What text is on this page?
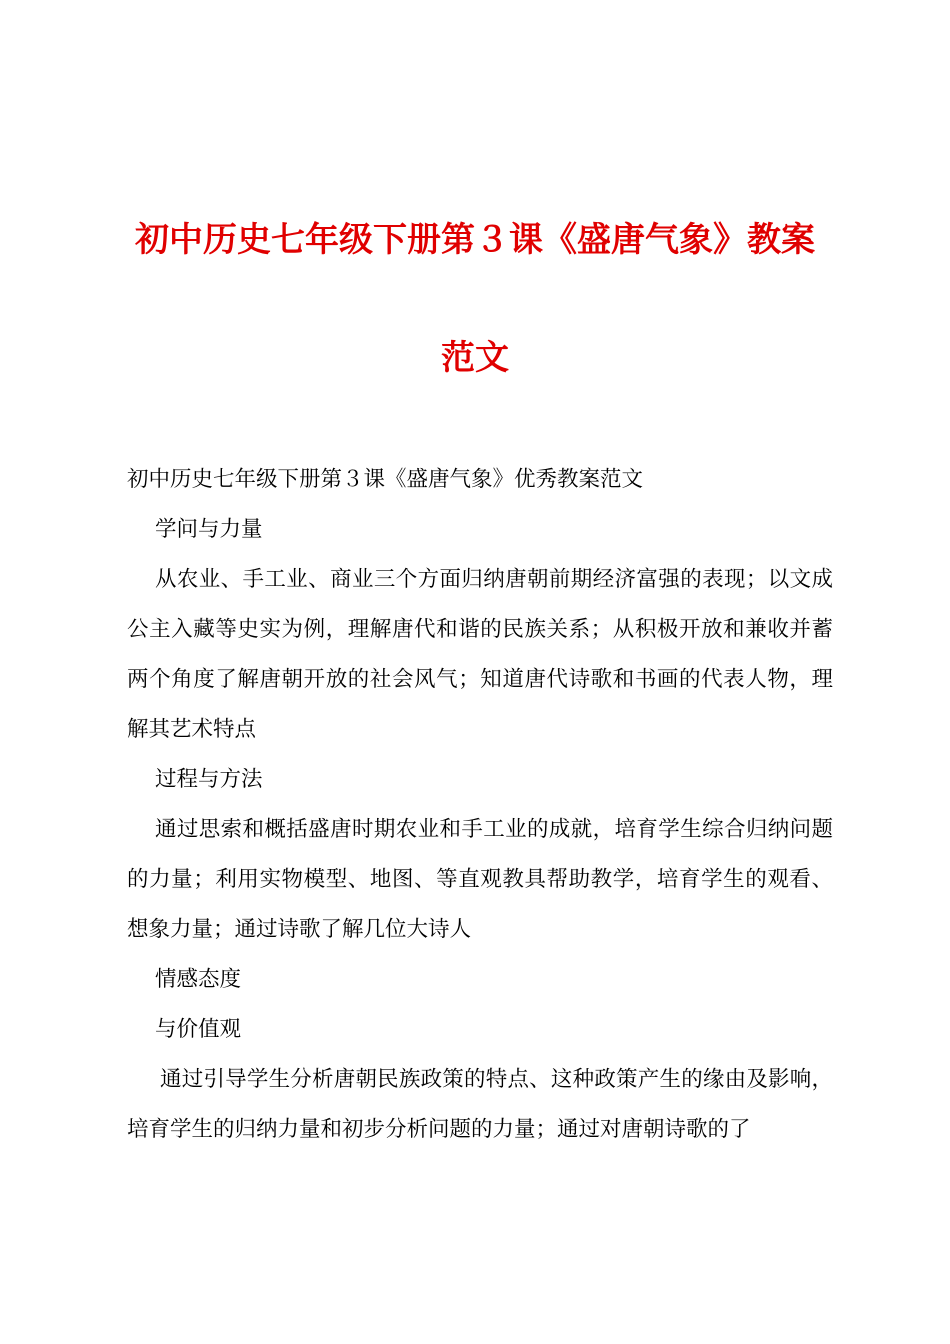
初中历史七年级下册第３课《盛唐气象》教案
范文

初中历史七年级下册第３课《盛唐气象》优秀教案范文

学问与力量

从农业、手工业、商业三个方面归纳唐朝前期经济富强的表现；以文成公主入藏等史实为例，理解唐代和谐的民族关系；从积极开放和兼收并蓄两个角度了解唐朝开放的社会风气；知道唐代诗歌和书画的代表人物，理解其艺术特点

过程与方法

通过思索和概括盛唐时期农业和手工业的成就，培育学生综合归纳问题的力量；利用实物模型、地图、等直观教具帮助教学，培育学生的观看、想象力量；通过诗歌了解几位大诗人

情感态度

与价值观

通过引导学生分析唐朝民族政策的特点、这种政策产生的缘由及影响，培育学生的归纳力量和初步分析问题的力量；通过对唐朝诗歌的了
